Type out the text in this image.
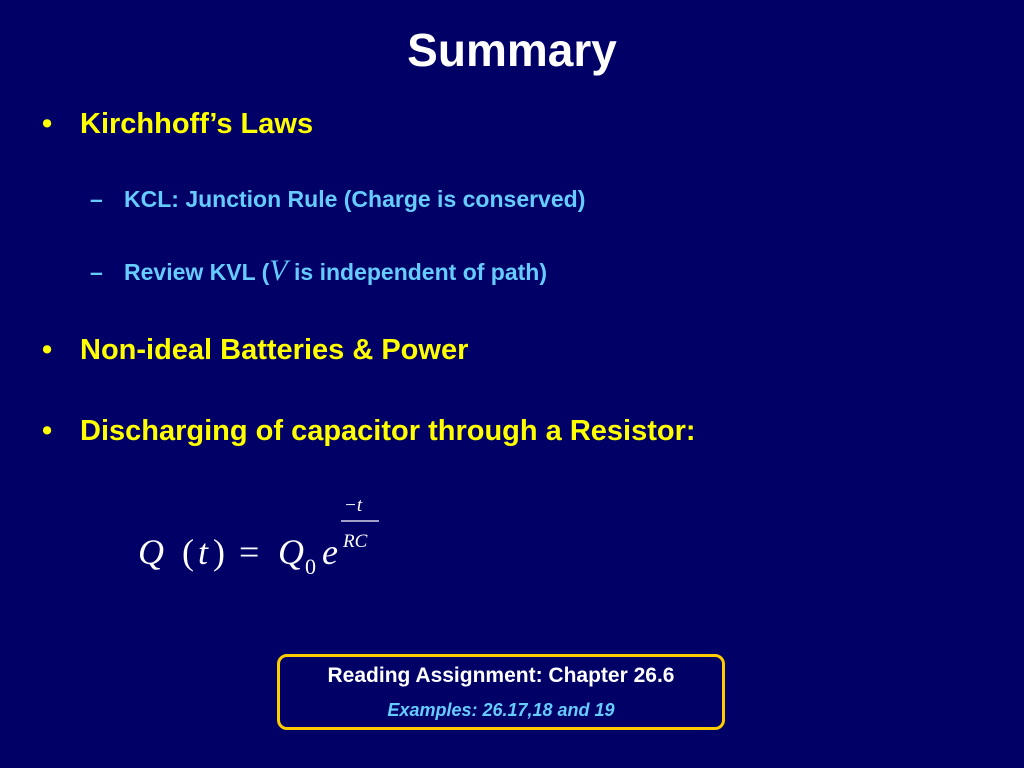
Summary
• Kirchhoff’s Laws
– KCL: Junction Rule (Charge is conserved)
– Review KVL (V is independent of path)
• Non-ideal Batteries & Power
• Discharging of capacitor through a Resistor:
Q ( t ) = Q 0 e
−t
RC
Reading Assignment: Chapter 26.6
Examples: 26.17,18 and 19
